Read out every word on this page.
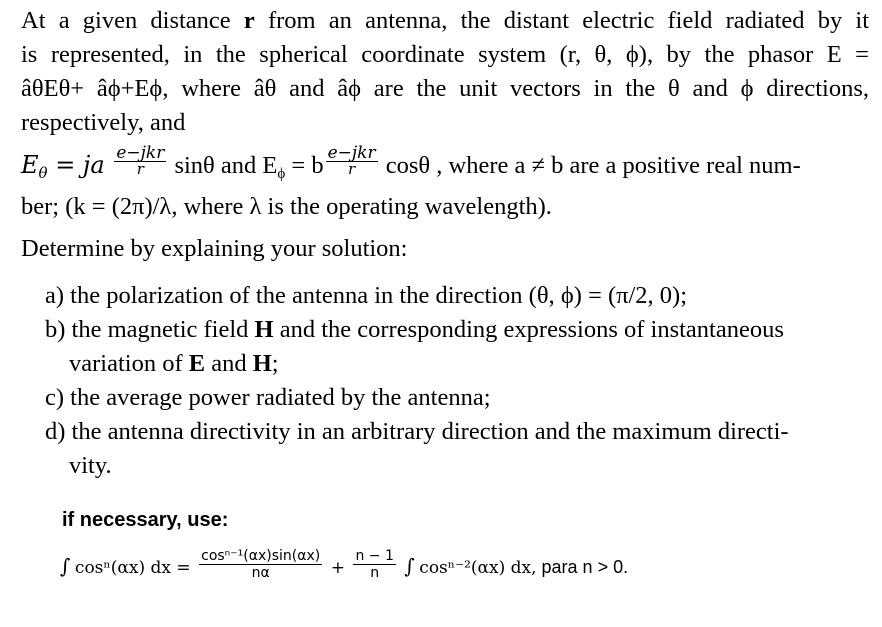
At a given distance r from an antenna, the distant electric field radiated by it
is represented, in the spherical coordinate system (r, θ, ϕ), by the phasor E =
âθEθ+ âϕ+Eϕ, where âθ and âϕ are the unit vectors in the θ and ϕ directions,
respectively, and
$E_\theta$ = ja $\frac{\text{e−jkr}}{r}$ sinθ and $E_\phi = b \frac{\text{e−jkr}}{r}$ cosθ , where a ≠ b are a positive real num-
ber; (k = (2π)/λ, where λ is the operating wavelength).
Determine by explaining your solution:
a) the polarization of the antenna in the direction (θ, ϕ) = (π/2, 0);
b) the magnetic field H and the corresponding expressions of instantaneous
variation of E and H;
c) the average power radiated by the antenna;
d) the antenna directivity in an arbitrary direction and the maximum directi-
vity.
if necessary, use:
∫ cosⁿ(αx) dx = $\frac{\text{cosⁿ⁻¹(αx)sin(αx)}}{n\alpha} + \frac{n - 1}{n}$ ∫ cosⁿ⁻²(αx) dx, para n > 0.
